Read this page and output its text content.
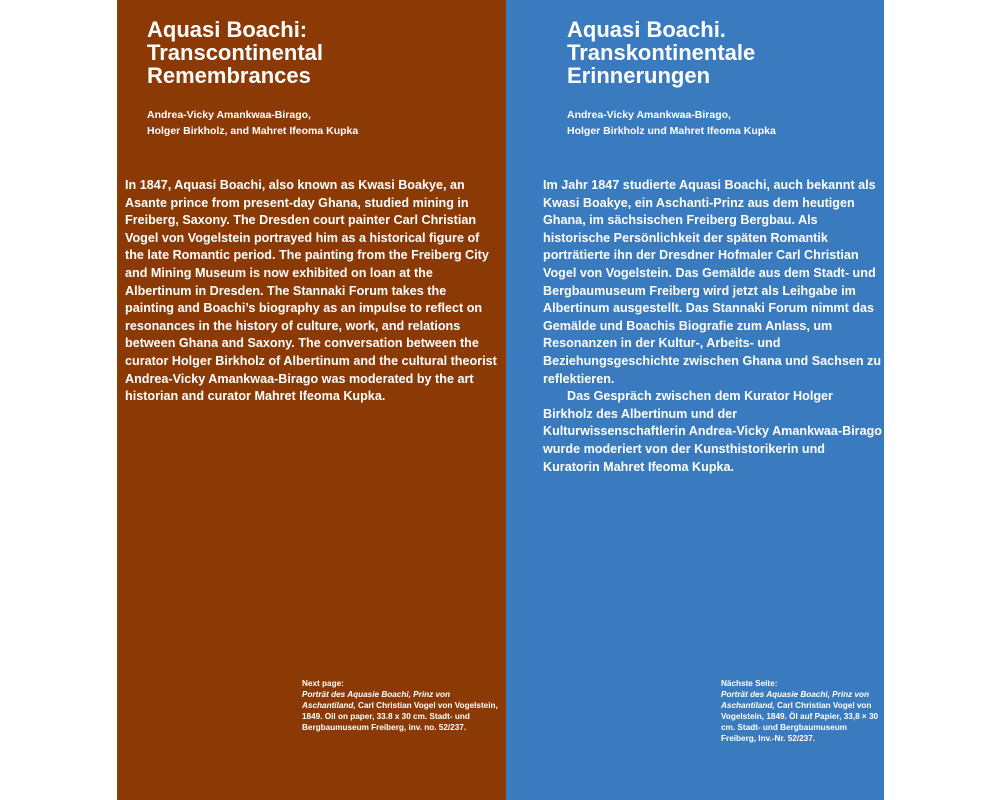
Aquasi Boachi:
Transcontinental
Remembrances
Andrea-Vicky Amankwaa-Birago,
Holger Birkholz, and Mahret Ifeoma Kupka

In 1847, Aquasi Boachi, also known as Kwasi Boakye, an Asante prince from present-day Ghana, studied mining in Freiberg, Saxony. The Dresden court painter Carl Christian Vogel von Vogelstein portrayed him as a historical figure of the late Romantic period. The painting from the Freiberg City and Mining Museum is now exhibited on loan at the Albertinum in Dresden. The Stannaki Forum takes the painting and Boachi’s biography as an impulse to reflect on resonances in the history of culture, work, and relations between Ghana and Saxony. The conversation between the curator Holger Birkholz of Albertinum and the cultural theorist Andrea-Vicky Amankwaa-Birago was moderated by the art historian and curator Mahret Ifeoma Kupka.

Next page:
Porträt des Aquasie Boachi, Prinz von Aschantiland, Carl Christian Vogel von Vogelstein, 1849. Oil on paper, 33.8 x 30 cm. Stadt- und Bergbaumuseum Freiberg, inv. no. 52/237.
Aquasi Boachi.
Transkontinentale
Erinnerungen
Andrea-Vicky Amankwaa-Birago,
Holger Birkholz und Mahret Ifeoma Kupka

Im Jahr 1847 studierte Aquasi Boachi, auch bekannt als Kwasi Boakye, ein Aschanti-Prinz aus dem heutigen Ghana, im sächsischen Freiberg Bergbau. Als historische Persönlichkeit der späten Romantik porträtierte ihn der Dresdner Hofmaler Carl Christian Vogel von Vogelstein. Das Gemälde aus dem Stadt- und Bergbaumuseum Freiberg wird jetzt als Leihgabe im Albertinum ausgestellt. Das Stannaki Forum nimmt das Gemälde und Boachis Biografie zum Anlass, um Resonanzen in der Kultur-, Arbeits- und Beziehungsgeschichte zwischen Ghana und Sachsen zu reflektieren.

Das Gespräch zwischen dem Kurator Holger Birkholz des Albertinum und der Kulturwissenschaftlerin Andrea-Vicky Amankwaa-Birago wurde moderiert von der Kunsthistorikerin und Kuratorin Mahret Ifeoma Kupka.

Nächste Seite:
Porträt des Aquasie Boachi, Prinz von Aschantiland, Carl Christian Vogel von Vogelstein, 1849. Öl auf Papier, 33,8 × 30 cm. Stadt- und Bergbaumuseum Freiberg, Inv.-Nr. 52/237.
